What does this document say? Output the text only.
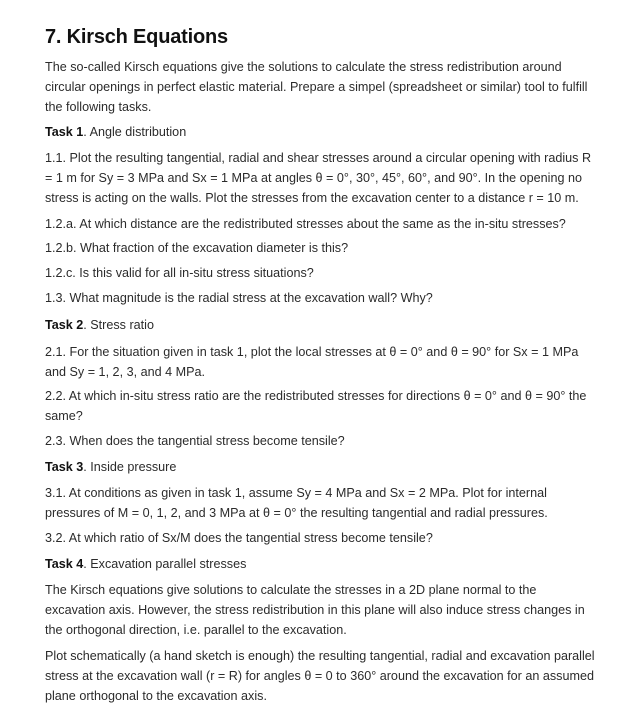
7. Kirsch Equations
The so-called Kirsch equations give the solutions to calculate the stress redistribution around
circular openings in perfect elastic material. Prepare a simpel (spreadsheet or similar) tool to fulfill
the following tasks.
Task 1. Angle distribution
1.1. Plot the resulting tangential, radial and shear stresses around a circular opening with radius R
= 1 m for Sy = 3 MPa and Sx = 1 MPa at angles θ = 0°, 30°, 45°, 60°, and 90°. In the opening no
stress is acting on the walls. Plot the stresses from the excavation center to a distance r = 10 m.
1.2.a. At which distance are the redistributed stresses about the same as the in-situ stresses?
1.2.b. What fraction of the excavation diameter is this?
1.2.c. Is this valid for all in-situ stress situations?
1.3. What magnitude is the radial stress at the excavation wall? Why?
Task 2. Stress ratio
2.1. For the situation given in task 1, plot the local stresses at θ = 0° and θ = 90° for Sx = 1 MPa
and Sy = 1, 2, 3, and 4 MPa.
2.2. At which in-situ stress ratio are the redistributed stresses for directions θ = 0° and θ = 90° the
same?
2.3. When does the tangential stress become tensile?
Task 3. Inside pressure
3.1. At conditions as given in task 1, assume Sy = 4 MPa and Sx = 2 MPa. Plot for internal
pressures of M = 0, 1, 2, and 3 MPa at θ = 0° the resulting tangential and radial pressures.
3.2. At which ratio of Sx/M does the tangential stress become tensile?
Task 4. Excavation parallel stresses
The Kirsch equations give solutions to calculate the stresses in a 2D plane normal to the
excavation axis. However, the stress redistribution in this plane will also induce stress changes in
the orthogonal direction, i.e. parallel to the excavation.
Plot schematically (a hand sketch is enough) the resulting tangential, radial and excavation parallel
stress at the excavation wall (r = R) for angles θ = 0 to 360° around the excavation for an assumed
plane orthogonal to the excavation axis.
